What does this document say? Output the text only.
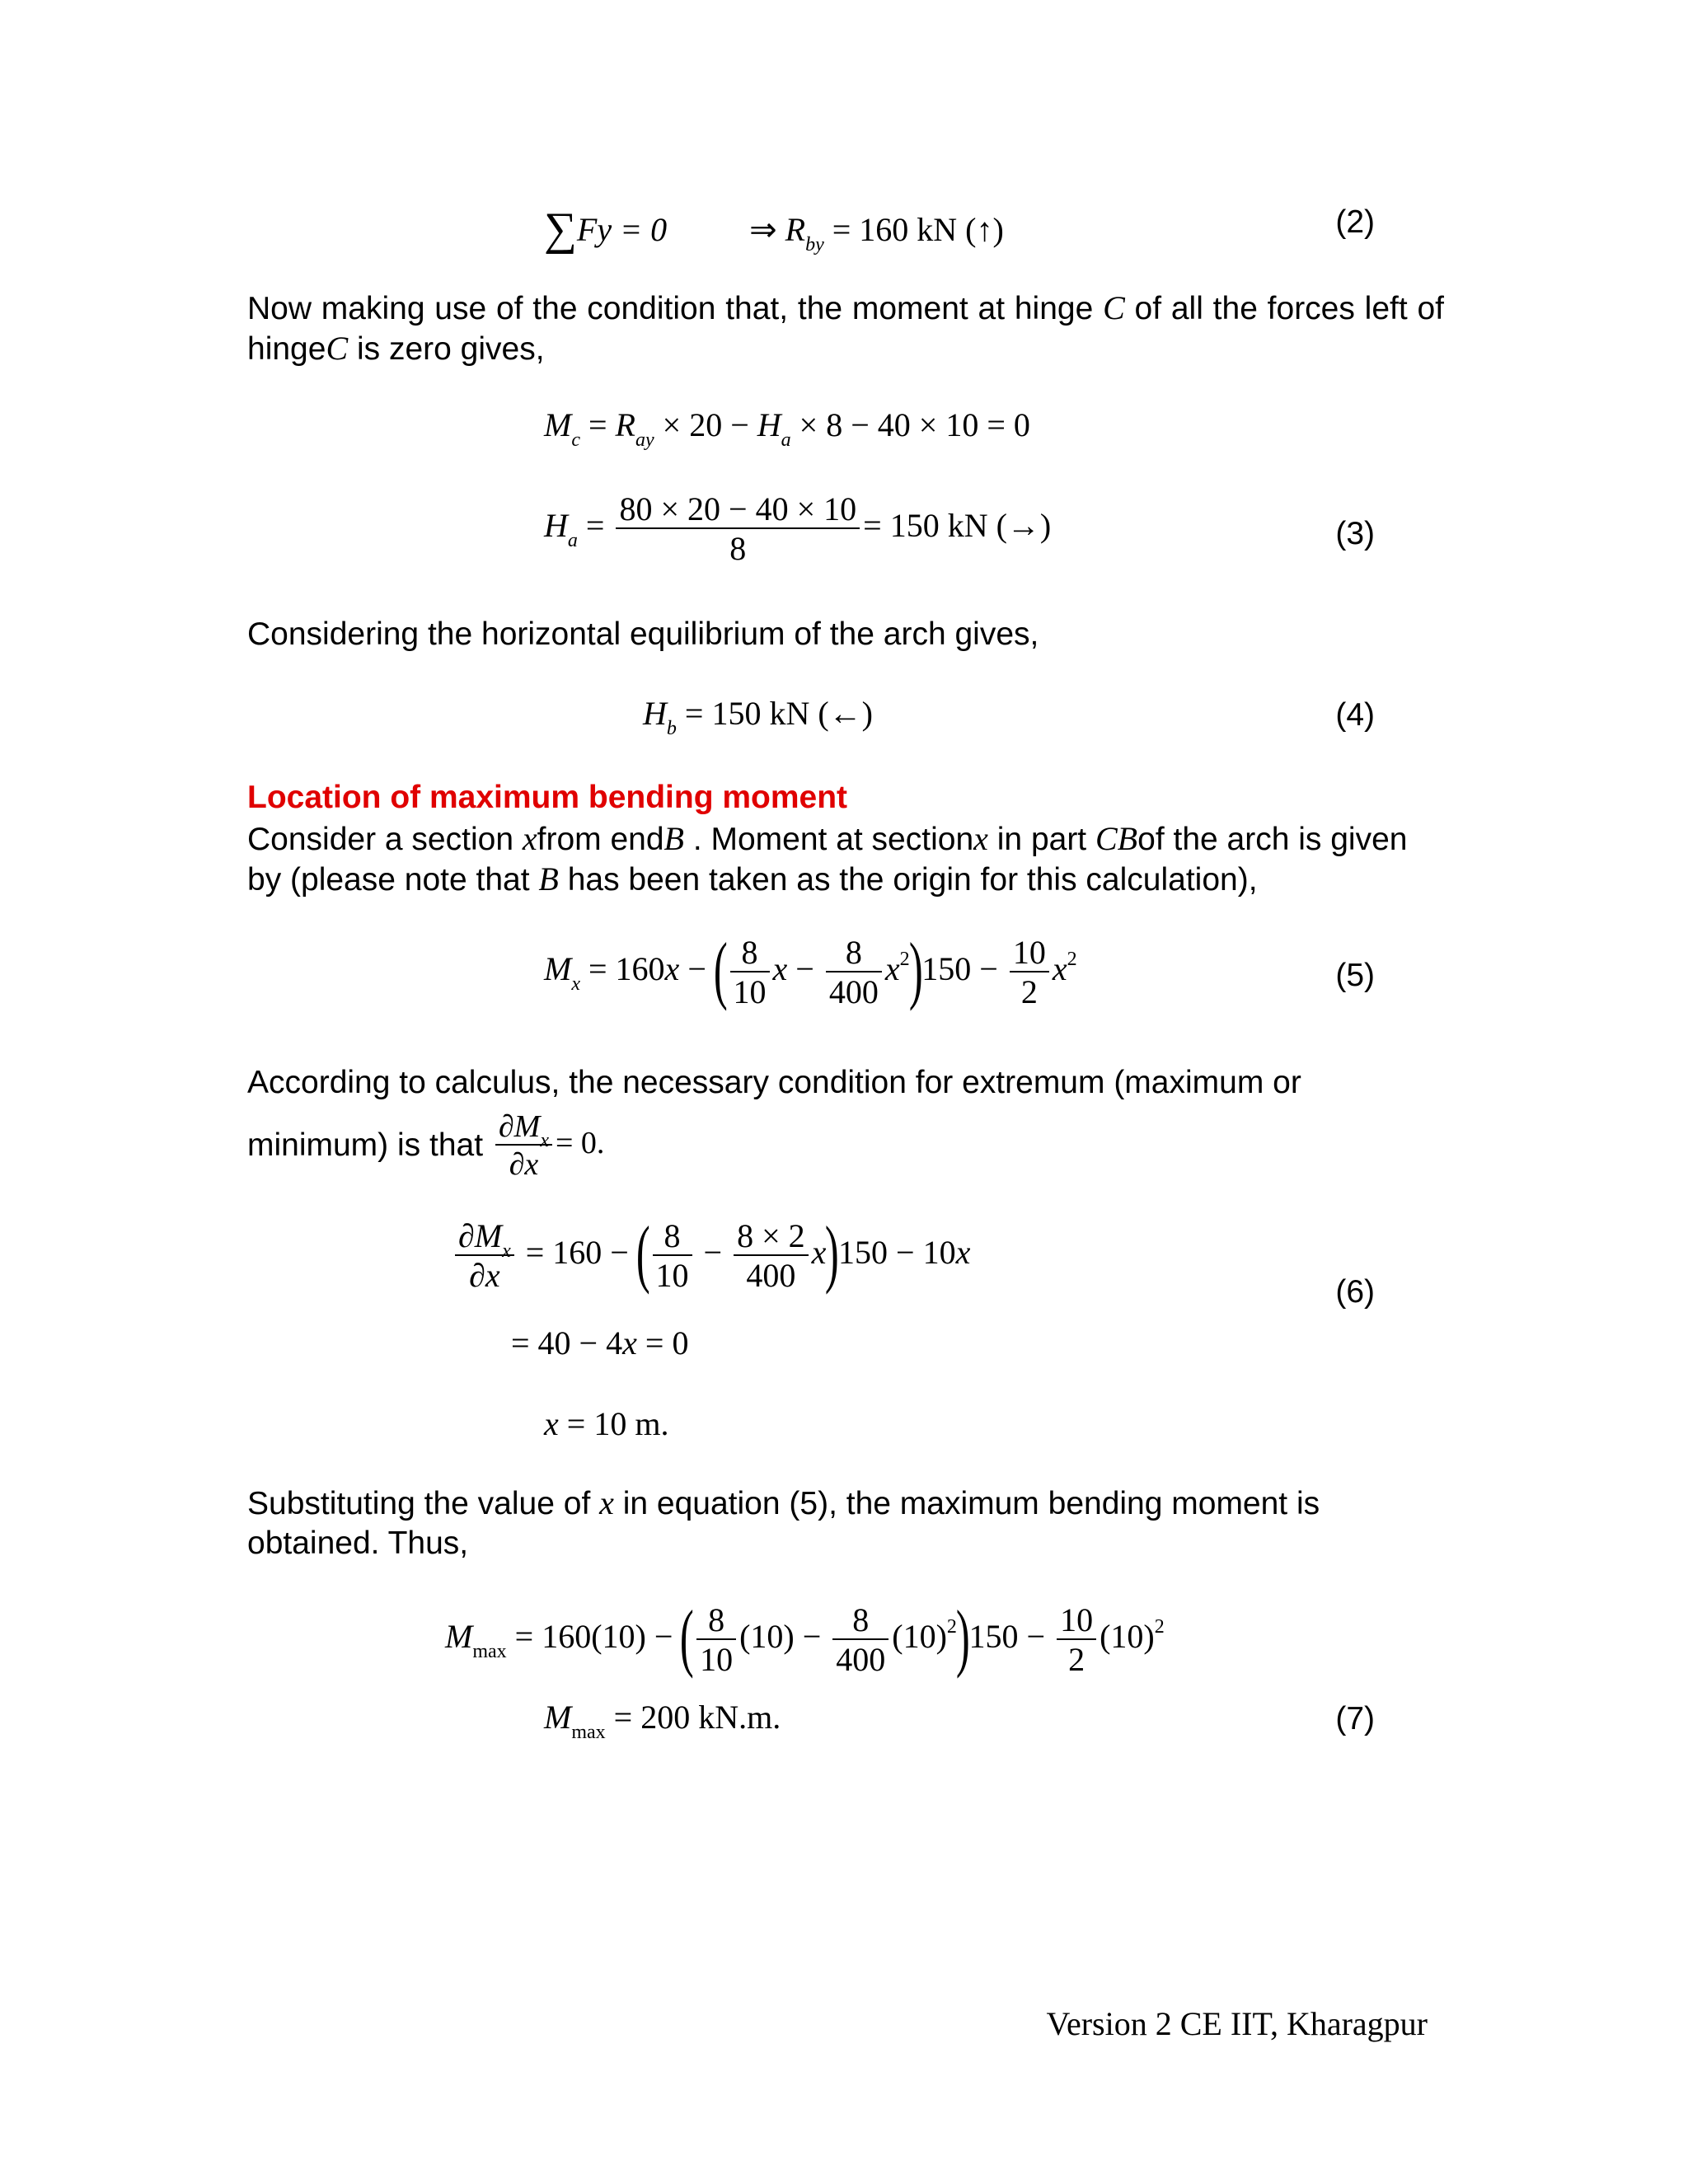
∑Fy = 0	⇒ $R_{by} = 160$ kN (↑)	(2)
Now making use of the condition that, the moment at hinge C of all the forces left of hingeC is zero gives,
$M_c = R_{ay} \times 20 - H_a \times 8 - 40 \times 10 = 0$
$H_a = \frac{80 \times 20 - 40 \times 10}{8} = 150$ kN (→)	(3)
Considering the horizontal equilibrium of the arch gives,
$H_b = 150$ kN (←)	(4)
Location of maximum bending moment
Consider a section xfrom endB . Moment at sectionx in part CBof the arch is given by (please note that B has been taken as the origin for this calculation),
$M_x = 160x$ − ( $\frac{8}{10}$ $x - \frac{8}{400} x^2)150 - \frac{10}{2} x^2$	(5)
According to calculus, the necessary condition for extremum (maximum or
minimum) is that $\frac{\partial M_x}{\partial x} = 0$.
$\frac{\partial M_x}{\partial x} = 160$ − ( $\frac{8}{10} - \frac{8 \times 2}{400} x)150 - 10x$
= 40 − 4x = 0
(6)
x = 10 m.
Substituting the value of x in equation (5), the maximum bending moment is obtained. Thus,
$M_{max} = 160(10)$ − ( $\frac{8}{10} (10) - \frac{8}{400} (10)^2)150 - \frac{10}{2} (10)^2$
$M_{max} = 200$ kN.m.	(7)
Version 2 CE IIT, Kharagpur
